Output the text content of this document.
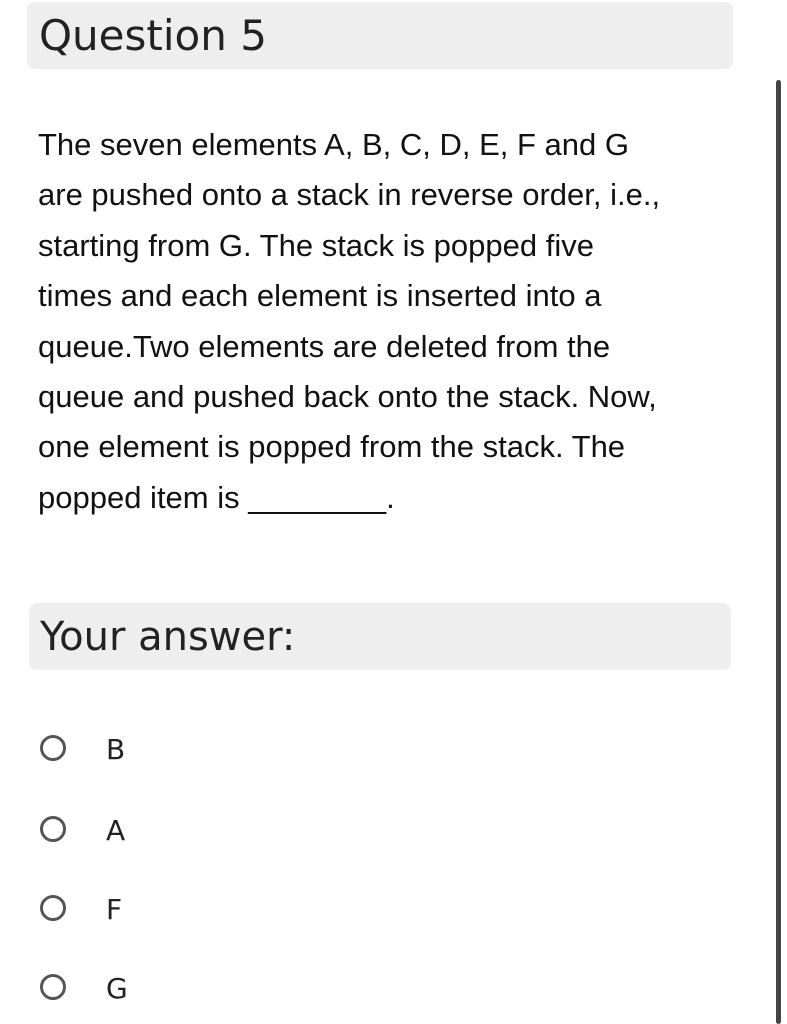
Question 5

The seven elements A, B, C, D, E, F and G
are pushed onto a stack in reverse order, i.e.,
starting from G. The stack is popped five
times and each element is inserted into a
queue.Two elements are deleted from the
queue and pushed back onto the stack. Now,
one element is popped from the stack. The
popped item is ________.

Your answer:
B
A
F
G
